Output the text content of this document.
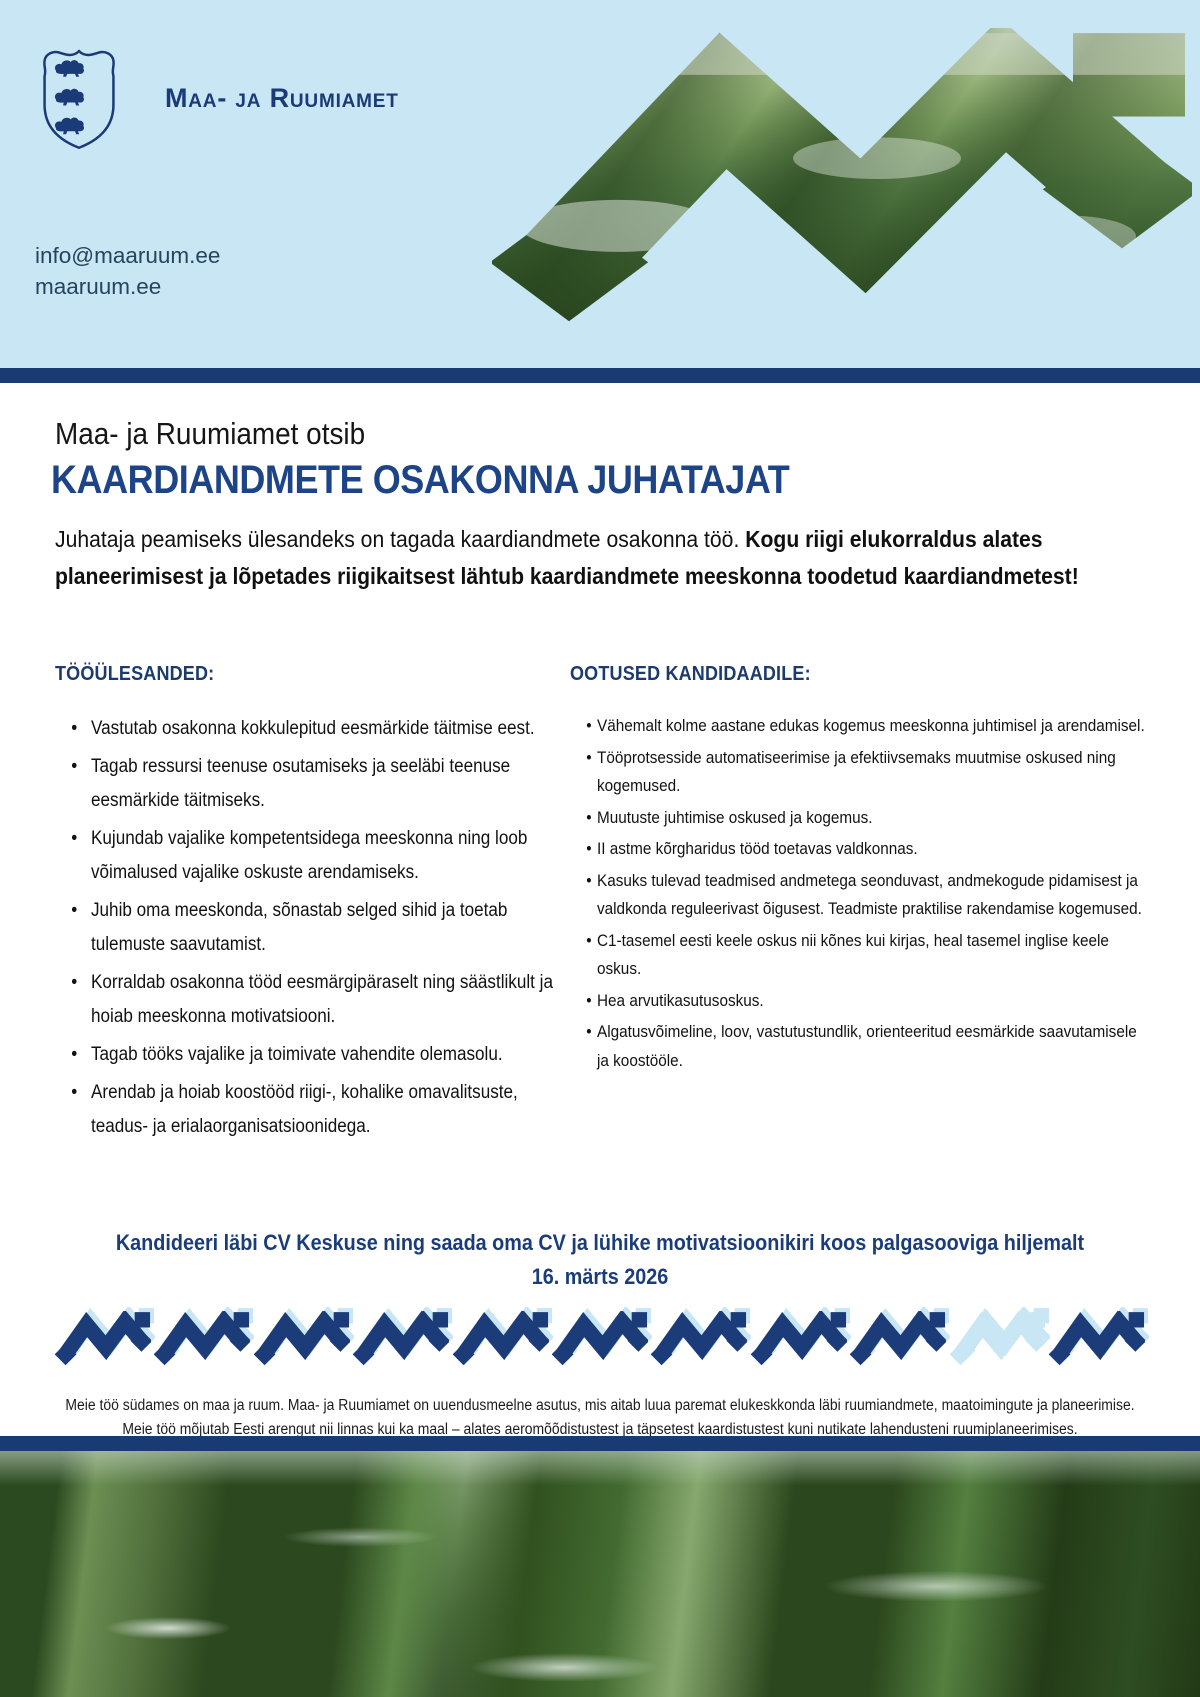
Maa- ja Ruumiamet
info@maaruum.ee
maaruum.ee
Maa- ja Ruumiamet otsib
KAARDIANDMETE OSAKONNA JUHATAJAT

Juhataja peamiseks ülesandeks on tagada kaardiandmete osakonna töö. Kogu riigi elukorraldus alates planeerimisest ja lõpetades riigikaitsest lähtub kaardiandmete meeskonna toodetud kaardiandmetest!

TÖÖÜLESANDED:
• Vastutab osakonna kokkulepitud eesmärkide täitmise eest.
• Tagab ressursi teenuse osutamiseks ja seeläbi teenuse eesmärkide täitmiseks.
• Kujundab vajalike kompetentsidega meeskonna ning loob võimalused vajalike oskuste arendamiseks.
• Juhib oma meeskonda, sõnastab selged sihid ja toetab tulemuste saavutamist.
• Korraldab osakonna tööd eesmärgipäraselt ning säästlikult ja hoiab meeskonna motivatsiooni.
• Tagab tööks vajalike ja toimivate vahendite olemasolu.
• Arendab ja hoiab koostööd riigi-, kohalike omavalitsuste, teadus- ja erialaorganisatsioonidega.
OOTUSED KANDIDAADILE:
• Vähemalt kolme aastane edukas kogemus meeskonna juhtimisel ja arendamisel.
• Tööprotsesside automatiseerimise ja efektiivsemaks muutmise oskused ning kogemused.
• Muutuste juhtimise oskused ja kogemus.
• II astme kõrgharidus tööd toetavas valdkonnas.
• Kasuks tulevad teadmised andmetega seonduvast, andmekogude pidamisest ja valdkonda reguleerivast õigusest. Teadmiste praktilise rakendamise kogemused.
• C1-tasemel eesti keele oskus nii kõnes kui kirjas, heal tasemel inglise keele oskus.
• Hea arvutikasutusoskus.
• Algatusvõimeline, loov, vastutustundlik, orienteeritud eesmärkide saavutamisele ja koostööle.
Kandideeri läbi CV Keskuse ning saada oma CV ja lühike motivatsioonikiri koos palgasooviga hiljemalt
16. märts 2026

Meie töö südames on maa ja ruum. Maa- ja Ruumiamet on uuendusmeelne asutus, mis aitab luua paremat elukeskkonda läbi ruumiandmete, maatoimingute ja planeerimise. Meie töö mõjutab Eesti arengut nii linnas kui ka maal – alates aeromõõdistustest ja täpsetest kaardistustest kuni nutikate lahendusteni ruumiplaneerimises.
